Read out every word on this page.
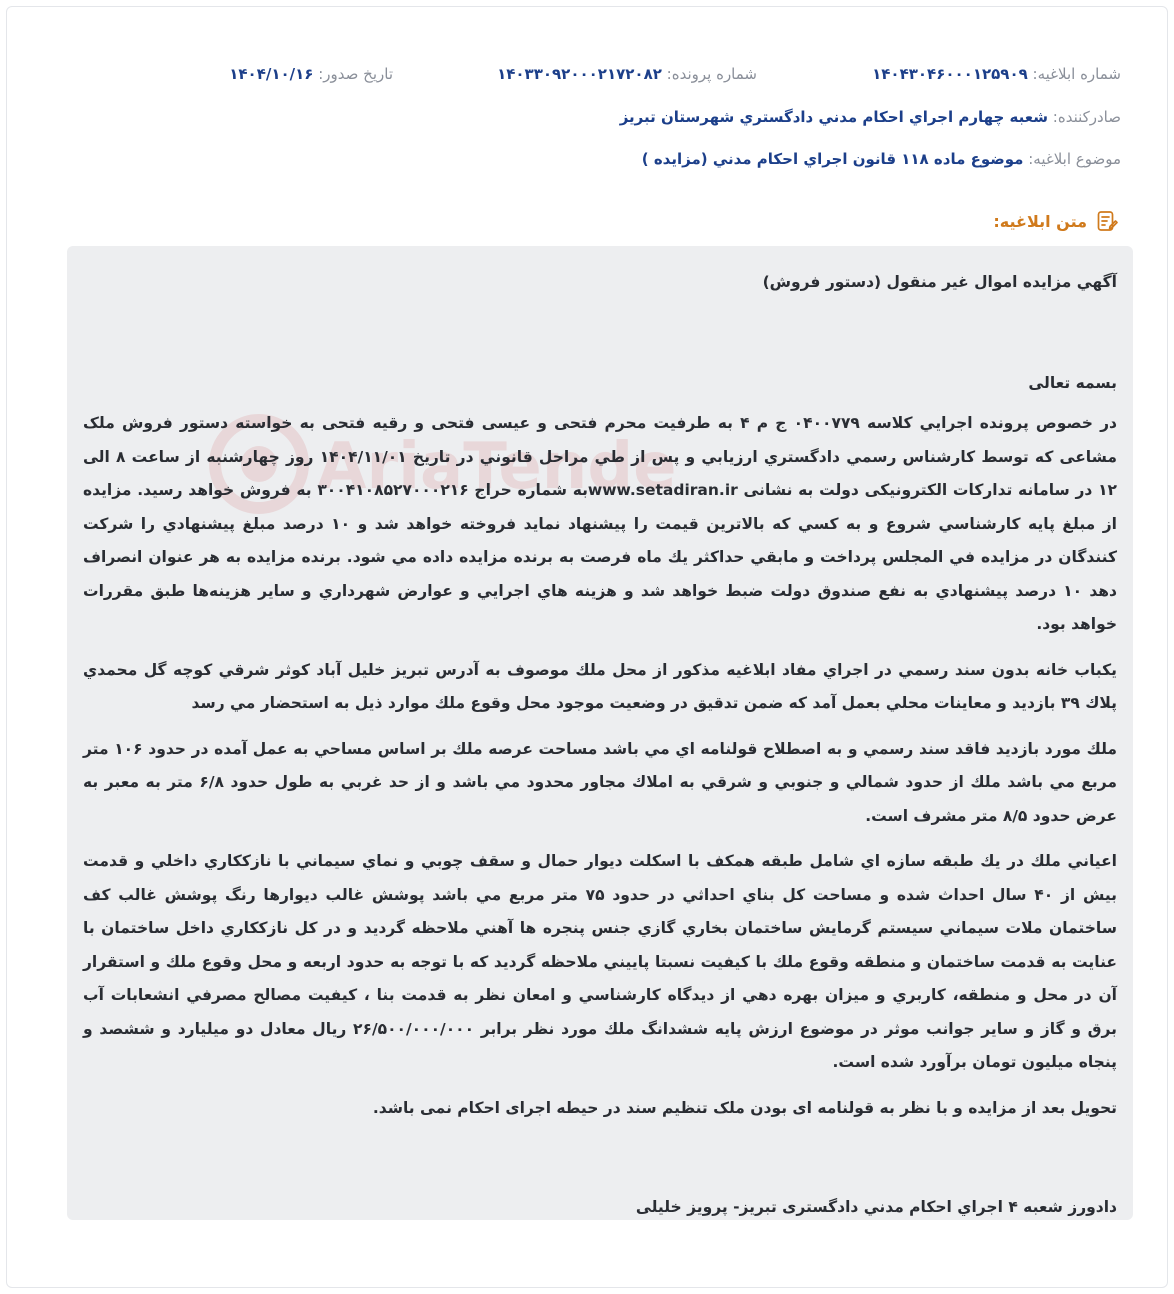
شماره ابلاغيه: ۱۴۰۴۳۰۴۶۰۰۰۱۲۵۹۰۹
شماره پرونده: ۱۴۰۳۳۰۹۲۰۰۰۲۱۷۲۰۸۲
تاريخ صدور: ۱۴۰۴/۱۰/۱۶
صادرکننده: شعبه چهارم اجراي احکام مدني دادگستري شهرستان تبريز
موضوع ابلاغيه: موضوع ماده ۱۱۸ قانون اجراي احكام مدني (مزايده )
متن ابلاغيه:
AriaTende

آگهي مزايده اموال غير منقول (دستور فروش)

بسمه تعالی

در خصوص پرونده اجرايي كلاسه ۰۴۰۰۷۷۹ ج م ۴ به طرفيت محرم فتحی و عيسی فتحی و رقيه فتحی به خواسته دستور فروش ملک مشاعی که توسط کارشناس رسمي دادگستري ارزيابي و پس از طي مراحل قانوني در تاريخ ۱۴۰۴/۱۱/۰۱ روز چهارشنبه از ساعت ۸ الی ۱۲ در سامانه تدارکات الکترونیکی دولت به نشانی www.setadiran.irبه شماره حراج ۳۰۰۴۱۰۸۵۲۷۰۰۰۲۱۶ به فروش خواهد رسيد. مزايده از مبلغ پايه كارشناسي شروع و به كسي كه بالاترين قيمت را پيشنهاد نمايد فروخته خواهد شد و ۱۰ درصد مبلغ پيشنهادي را شركت كنندگان در مزايده في المجلس پرداخت و مابقي حداكثر يك ماه فرصت به برنده مزايده داده مي شود. برنده مزايده به هر عنوان انصراف دهد ۱۰ درصد پيشنهادي به نفع صندوق دولت ضبط خواهد شد و هزينه هاي اجرايي و عوارض شهرداري و ساير هزينه‌ها طبق مقررات خواهد بود.

یکباب خانه بدون سند رسمي در اجراي مفاد ابلاغيه مذكور از محل ملك موصوف به آدرس تبريز خليل آباد كوثر شرقي كوچه گل محمدي پلاك ۳۹ بازديد و معاينات محلي بعمل آمد كه ضمن تدقيق در وضعيت موجود محل وقوع ملك موارد ذيل به استحضار مي رسد

ملك مورد بازديد فاقد سند رسمي و به اصطلاح قولنامه اي مي باشد مساحت عرصه ملك بر اساس مساحي به عمل آمده در حدود ۱۰۶ متر مربع مي باشد ملك از حدود شمالي و جنوبي و شرقي به املاك مجاور محدود مي باشد و از حد غربي به طول حدود ۶/۸ متر به معبر به عرض حدود ۸/۵ متر مشرف است.

اعياني ملك در يك طبقه سازه اي شامل طبقه همكف با اسكلت ديوار حمال و سقف چوبي و نماي سيماني با نازككاري داخلي و قدمت بيش از ۴۰ سال احداث شده و مساحت كل بناي احداثي در حدود ۷۵ متر مربع مي باشد پوشش غالب ديوارها رنگ پوشش غالب كف ساختمان ملات سيماني سيستم گرمايش ساختمان بخاري گازي جنس پنجره ها آهني ملاحظه گرديد و در كل نازككاري داخل ساختمان با عنايت به قدمت ساختمان و منطقه وقوع ملك با كيفيت نسبتا پاييني ملاحظه گرديد كه با توجه به حدود اربعه و محل وقوع ملك و استقرار آن در محل و منطقه، كاربري و ميزان بهره دهي از ديدگاه كارشناسي و امعان نظر به قدمت بنا ، كيفيت مصالح مصرفي انشعابات آب برق و گاز و ساير جوانب موثر در موضوع ارزش پايه ششدانگ ملك مورد نظر برابر ۲۶/۵۰۰/۰۰۰/۰۰۰ ريال معادل دو ميليارد و ششصد و پنجاه ميليون تومان برآورد شده است.

تحويل بعد از مزايده و با نظر به قولنامه ای بودن ملک تنظیم سند در حيطه اجرای احکام نمی باشد.

دادورز شعبه ۴ اجراي احكام مدني دادگستری تبریز- پرویز خلیلی
